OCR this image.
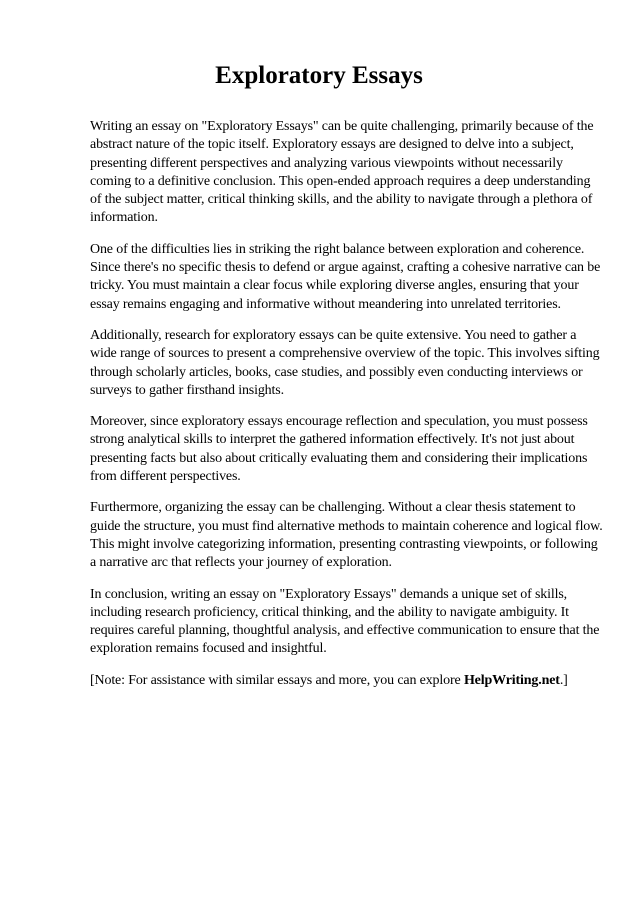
Exploratory Essays

Writing an essay on "Exploratory Essays" can be quite challenging, primarily because of the abstract nature of the topic itself. Exploratory essays are designed to delve into a subject, presenting different perspectives and analyzing various viewpoints without necessarily coming to a definitive conclusion. This open-ended approach requires a deep understanding of the subject matter, critical thinking skills, and the ability to navigate through a plethora of information.

One of the difficulties lies in striking the right balance between exploration and coherence. Since there's no specific thesis to defend or argue against, crafting a cohesive narrative can be tricky. You must maintain a clear focus while exploring diverse angles, ensuring that your essay remains engaging and informative without meandering into unrelated territories.

Additionally, research for exploratory essays can be quite extensive. You need to gather a wide range of sources to present a comprehensive overview of the topic. This involves sifting through scholarly articles, books, case studies, and possibly even conducting interviews or surveys to gather firsthand insights.

Moreover, since exploratory essays encourage reflection and speculation, you must possess strong analytical skills to interpret the gathered information effectively. It's not just about presenting facts but also about critically evaluating them and considering their implications from different perspectives.

Furthermore, organizing the essay can be challenging. Without a clear thesis statement to guide the structure, you must find alternative methods to maintain coherence and logical flow. This might involve categorizing information, presenting contrasting viewpoints, or following a narrative arc that reflects your journey of exploration.

In conclusion, writing an essay on "Exploratory Essays" demands a unique set of skills, including research proficiency, critical thinking, and the ability to navigate ambiguity. It requires careful planning, thoughtful analysis, and effective communication to ensure that the exploration remains focused and insightful.

[Note: For assistance with similar essays and more, you can explore HelpWriting.net.]
